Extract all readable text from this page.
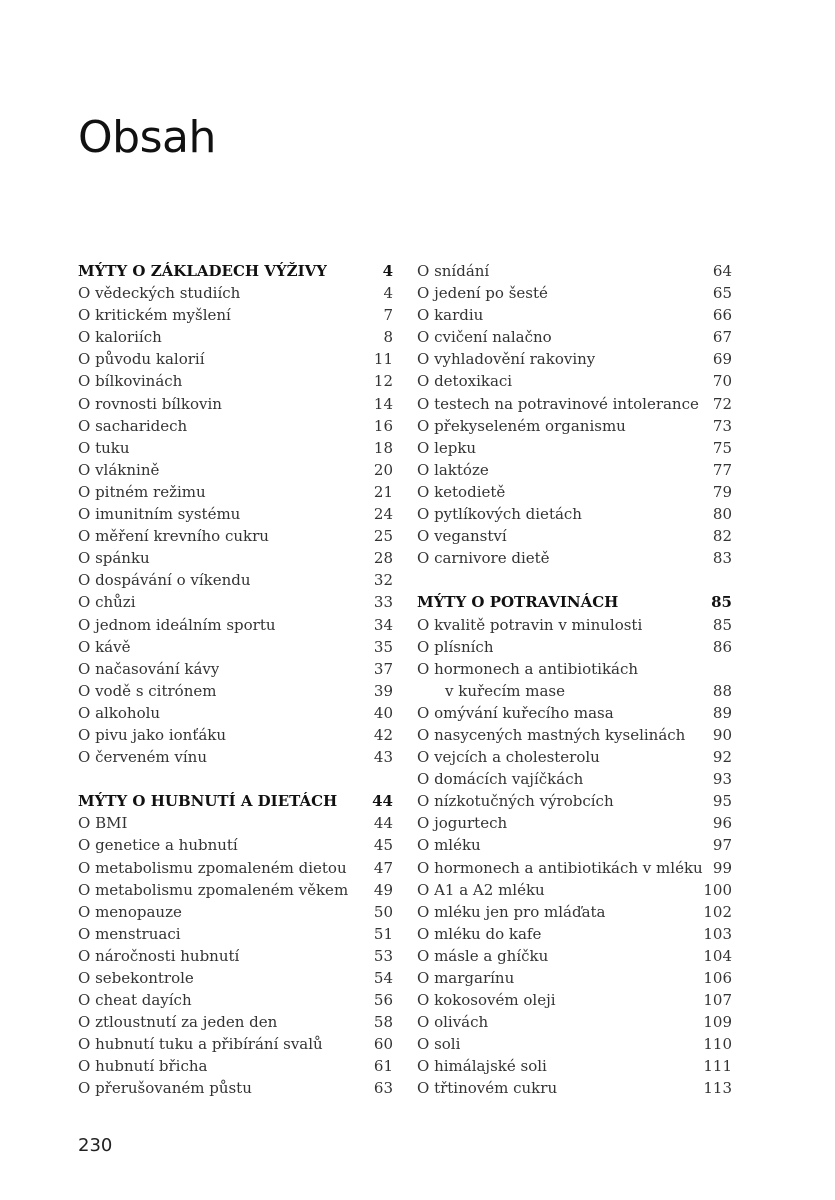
Obsah
MÝTY O ZÁKLADECH VÝŽIVY	4
O vědeckých studiích	4
O kritickém myšlení	7
O kaloriích	8
O původu kalorií	11
O bílkovinách	12
O rovnosti bílkovin	14
O sacharidech	16
O tuku	18
O vláknině	20
O pitném režimu	21
O imunitním systému	24
O měření krevního cukru	25
O spánku	28
O dospávání o víkendu	32
O chůzi	33
O jednom ideálním sportu	34
O kávě	35
O načasování kávy	37
O vodě s citrónem	39
O alkoholu	40
O pivu jako ionťáku	42
O červeném vínu	43
MÝTY O HUBNUTÍ A DIETÁCH	44
O BMI	44
O genetice a hubnutí	45
O metabolismu zpomaleném dietou	47
O metabolismu zpomaleném věkem	49
O menopauze	50
O menstruaci	51
O náročnosti hubnutí	53
O sebekontrole	54
O cheat dayích	56
O ztloustnutí za jeden den	58
O hubnutí tuku a přibírání svalů	60
O hubnutí břicha	61
O přerušovaném půstu	63
O snídání	64
O jedení po šesté	65
O kardiu	66
O cvičení nalačno	67
O vyhladovění rakoviny	69
O detoxikaci	70
O testech na potravinové intolerance 72
O překyseleném organismu	73
O lepku	75
O laktóze	77
O ketodietě	79
O pytlíkových dietách	80
O veganství	82
O carnivore dietě	83
MÝTY O POTRAVINÁCH	85
O kvalitě potravin v minulosti	85
O plísních	86
O hormonech a antibiotikách
v kuřecím mase	88
O omývání kuřecího masa	89
O nasycených mastných kyselinách	90
O vejcích a cholesterolu	92
O domácích vajíčkách	93
O nízkotučných výrobcích	95
O jogurtech	96
O mléku	97
O hormonech a antibiotikách v mléku 99
O A1 a A2 mléku	100
O mléku jen pro mláďata	102
O mléku do kafe	103
O másle a ghíčku	104
O margarínu	106
O kokosovém oleji	107
O olivách	109
O soli	110
O himálajské soli	111
O třtinovém cukru	113
230
